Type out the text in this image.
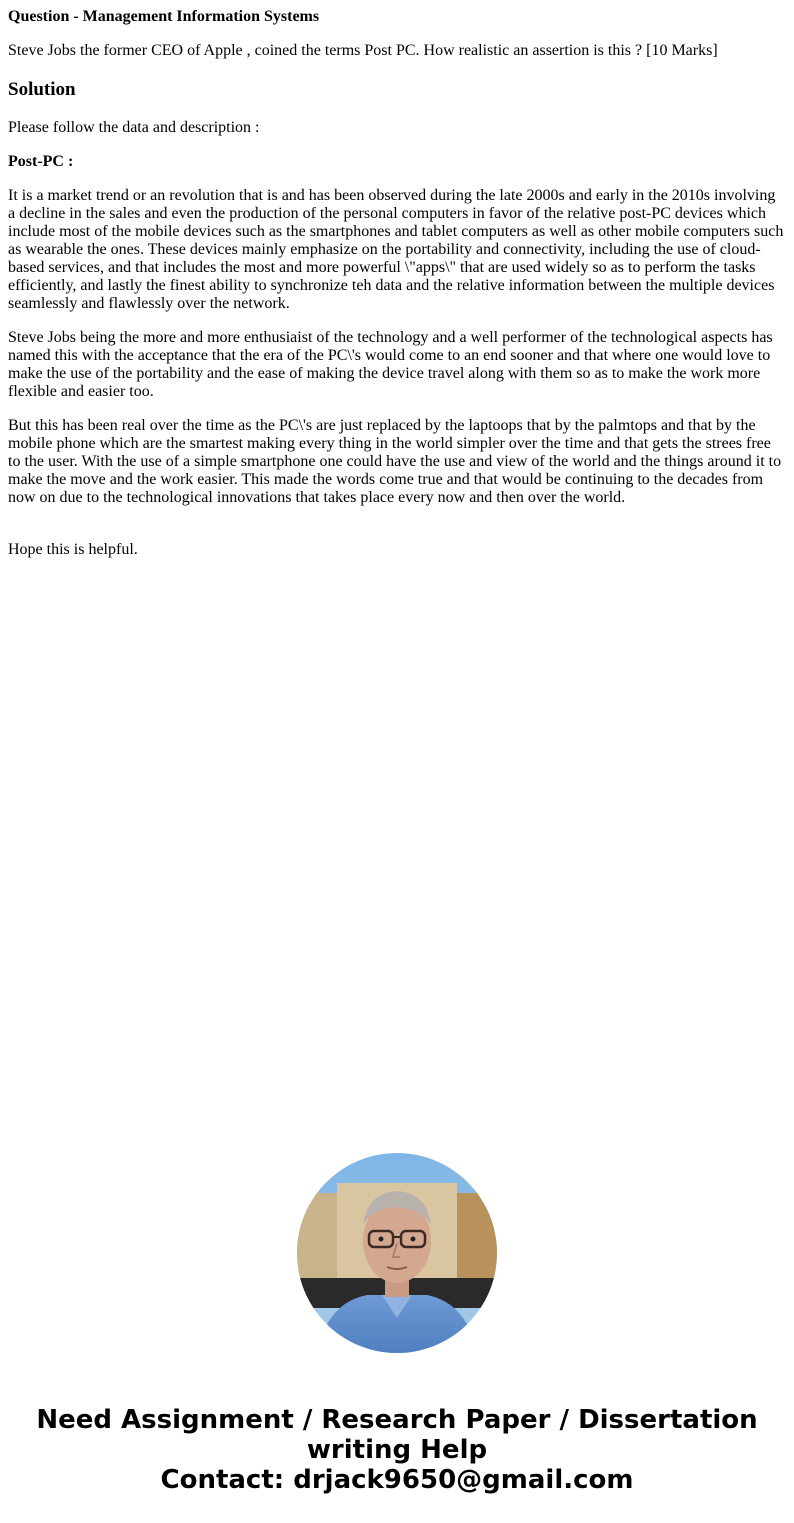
Question - Management Information Systems

Steve Jobs the former CEO of Apple , coined the terms Post PC. How realistic an assertion is this ? [10 Marks]

Solution

Please follow the data and description :

Post-PC :

It is a market trend or an revolution that is and has been observed during the late 2000s and early in the 2010s involving a decline in the sales and even the production of the personal computers in favor of the relative post-PC devices which include most of the mobile devices such as the smartphones and tablet computers as well as other mobile computers such as wearable the ones. These devices mainly emphasize on the portability and connectivity, including the use of cloud-based services, and that includes the most and more powerful \"apps\" that are used widely so as to perform the tasks efficiently, and lastly the finest ability to synchronize teh data and the relative information between the multiple devices seamlessly and flawlessly over the network.

Steve Jobs being the more and more enthusiaist of the technology and a well performer of the technological aspects has named this with the acceptance that the era of the PC\'s would come to an end sooner and that where one would love to make the use of the portability and the ease of making the device travel along with them so as to make the work more flexible and easier too.

But this has been real over the time as the PC\'s are just replaced by the laptoops that by the palmtops and that by the mobile phone which are the smartest making every thing in the world simpler over the time and that gets the strees free to the user. With the use of a simple smartphone one could have the use and view of the world and the things around it to make the move and the work easier. This made the words come true and that would be continuing to the decades from now on due to the technological innovations that takes place every now and then over the world.

Hope this is helpful.

Need Assignment / Research Paper / Dissertation
writing Help
Contact: drjack9650@gmail.com
